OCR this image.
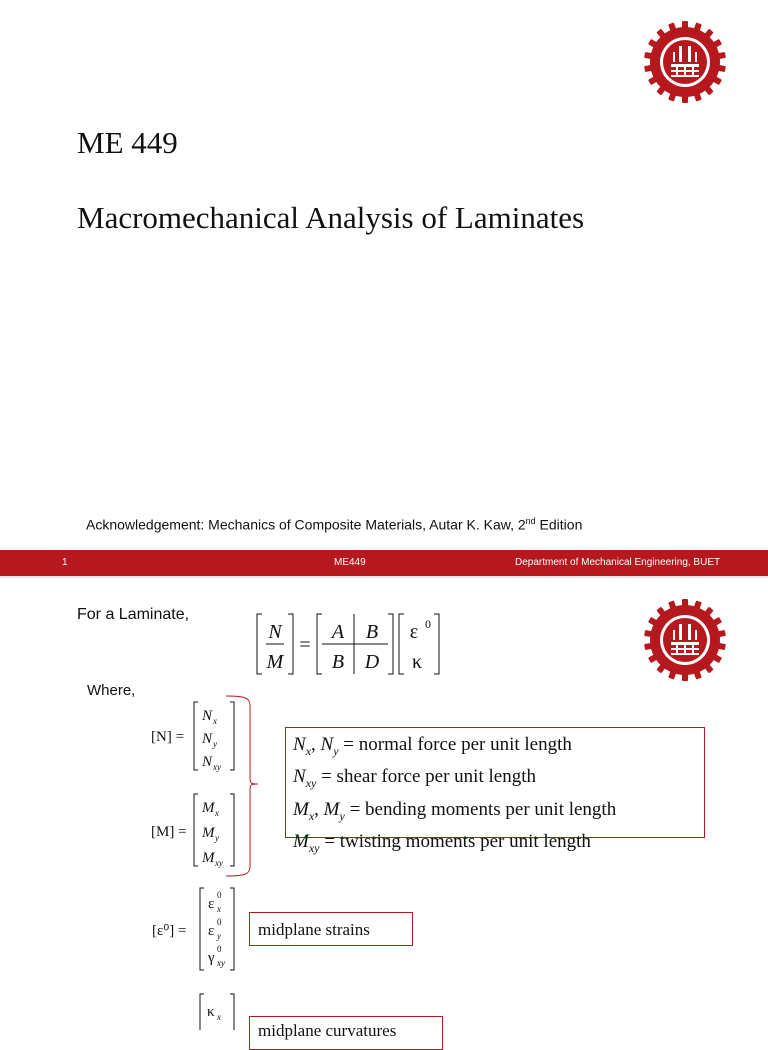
ME 449
Macromechanical Analysis of Laminates
Acknowledgement: Mechanics of Composite Materials, Autar K. Kaw, 2nd Edition
1	ME449	Department of Mechanical Engineering, BUET
For a Laminate,
N
M
=
A B
B D
ε 0
κ
Where,
[N] =
N x
N y
N xy
[M] =
M x
M y
M xy
$N_x$, $N_y$ = normal force per unit length
$N_{xy}$ = shear force per unit length
$M_x$, $M_y$ = bending moments per unit length
$M_{xy}$ = twisting moments per unit length
[ε⁰] =
ε
0
x
ε
0
y
γ
0
xy
midplane strains
κ x
midplane curvatures
